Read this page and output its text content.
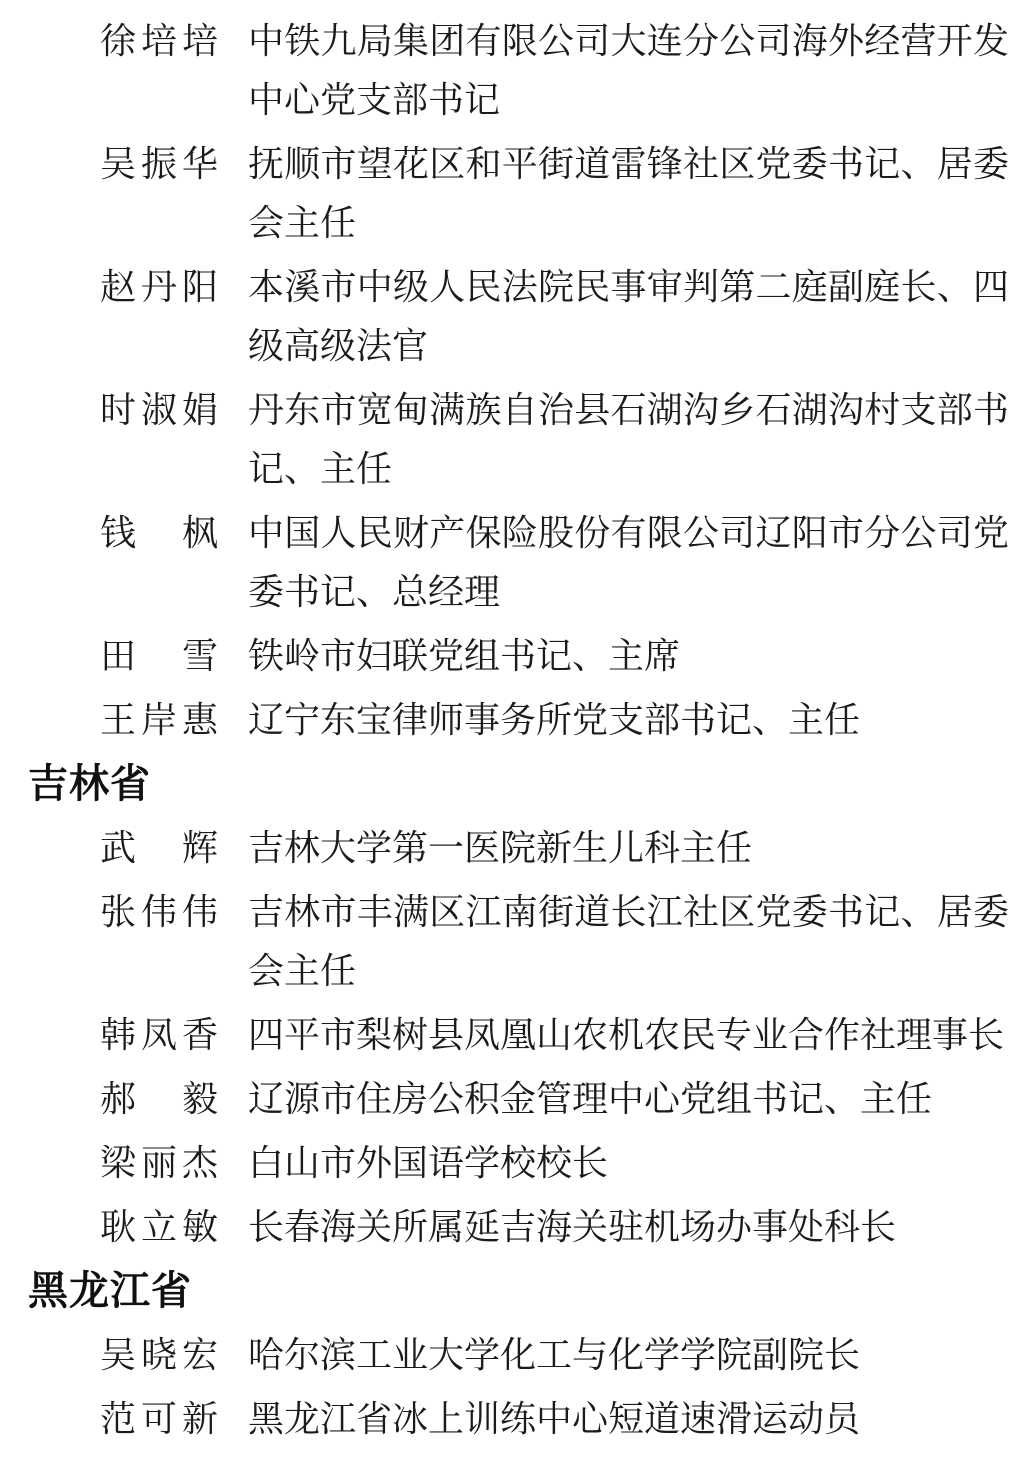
徐培培 中铁九局集团有限公司大连分公司海外经营开发中心党支部书记
吴振华 抚顺市望花区和平街道雷锋社区党委书记、居委会主任
赵丹阳 本溪市中级人民法院民事审判第二庭副庭长、四级高级法官
时淑娟 丹东市宽甸满族自治县石湖沟乡石湖沟村支部书记、主任
钱　枫 中国人民财产保险股份有限公司辽阳市分公司党委书记、总经理
田　雪 铁岭市妇联党组书记、主席
王岸惠 辽宁东宝律师事务所党支部书记、主任
吉林省
武　辉 吉林大学第一医院新生儿科主任
张伟伟 吉林市丰满区江南街道长江社区党委书记、居委会主任
韩凤香 四平市梨树县凤凰山农机农民专业合作社理事长
郝　毅 辽源市住房公积金管理中心党组书记、主任
梁丽杰 白山市外国语学校校长
耿立敏 长春海关所属延吉海关驻机场办事处科长
黑龙江省
吴晓宏 哈尔滨工业大学化工与化学学院副院长
范可新 黑龙江省冰上训练中心短道速滑运动员
